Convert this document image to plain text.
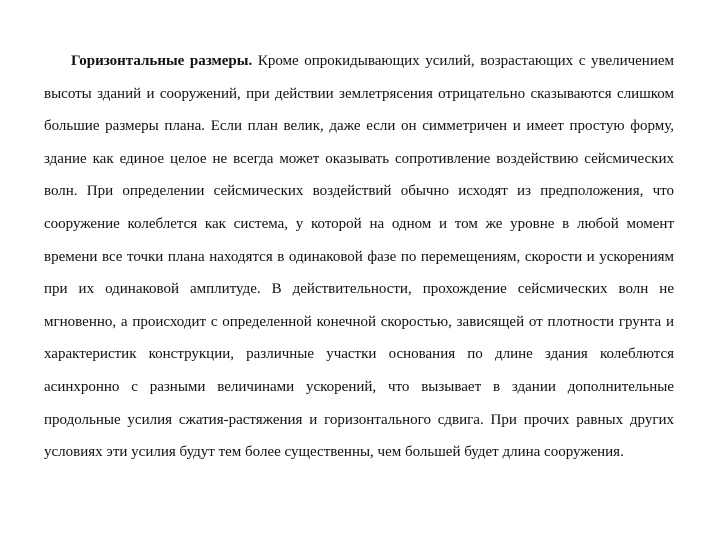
Горизонтальные размеры. Кроме опрокидывающих усилий, возрастающих с увеличением высоты зданий и сооружений, при действии землетрясения отрицательно сказываются слишком большие размеры плана. Если план велик, даже если он симметричен и имеет простую форму, здание как единое целое не всегда может оказывать сопротивление воздействию сейсмических волн. При определении сейсмических воздействий обычно исходят из предположения, что сооружение колеблется как система, у которой на одном и том же уровне в любой момент времени все точки плана находятся в одинаковой фазе по перемещениям, скорости и ускорениям при их одинаковой амплитуде. В действительности, прохождение сейсмических волн не мгновенно, а происходит с определенной конечной скоростью, зависящей от плотности грунта и характеристик конструкции, различные участки основания по длине здания колеблются асинхронно с разными величинами ускорений, что вызывает в здании дополнительные продольные усилия сжатия-растяжения и горизонтального сдвига. При прочих равных других условиях эти усилия будут тем более существенны, чем большей будет длина сооружения.
